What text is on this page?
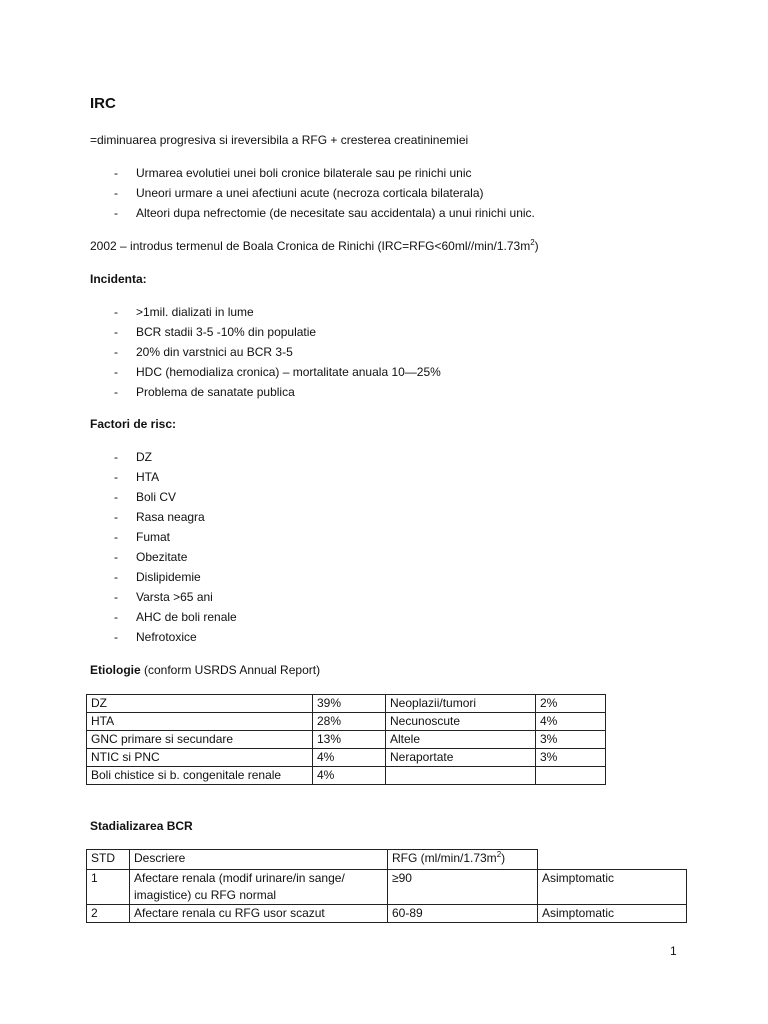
IRC
=diminuarea progresiva si ireversibila a RFG + cresterea creatininemiei
- Urmarea evolutiei unei boli cronice bilaterale sau pe rinichi unic
- Uneori urmare a unei afectiuni acute (necroza corticala bilaterala)
- Alteori dupa nefrectomie (de necesitate sau accidentala) a unui rinichi unic.
2002 – introdus termenul de Boala Cronica de Rinichi $(IRC=RFG<60ml//\min/1.73m^2)$
Incidenta:
- >1mil. dializati in lume
- BCR stadii 3-5 -10% din populatie
- 20% din varstnici au BCR 3-5
- HDC (hemodializa cronica) – mortalitate anuala 10—25%
- Problema de sanatate publica
Factori de risc:
- DZ
- HTA
- Boli CV
- Rasa neagra
- Fumat
- Obezitate
- Dislipidemie
- Varsta >65 ani
- AHC de boli renale
- Nefrotoxice
Etiologie (conform USRDS Annual Report)
DZ	39%	Neoplazii/tumori	2%
HTA	28%	Necunoscute	4%
GNC primare si secundare	13%	Altele	3%
NTIC si PNC	4%	Neraportate	3%
Boli chistice si b. congenitale renale	4%		
Stadializarea BCR
STD	Descriere	RFG $(ml/\min/1.73m^2)$	
1	Afectare renala (modif urinare/in sange/ imagistice) cu RFG normal	≥90	Asimptomatic
2	Afectare renala cu RFG usor scazut	60-89	Asimptomatic
1
